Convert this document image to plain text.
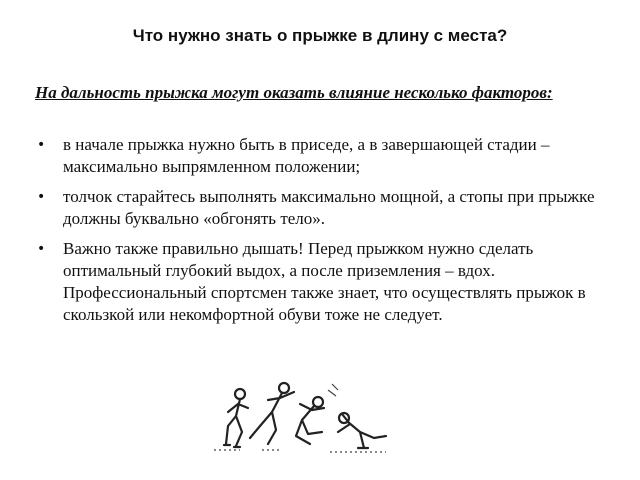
Что нужно знать о прыжке в длину с места?
На дальность прыжка могут оказать влияние несколько факторов:
• в начале прыжка нужно быть в приседе, а в завершающей стадии – максимально выпрямленном положении;
• толчок старайтесь выполнять максимально мощной, а стопы при прыжке должны буквально «обгонять тело».
• Важно также правильно дышать! Перед прыжком нужно сделать оптимальный глубокий выдох, а после приземления – вдох. Профессиональный спортсмен также знает, что осуществлять прыжок в скользкой или некомфортной обуви тоже не следует.
